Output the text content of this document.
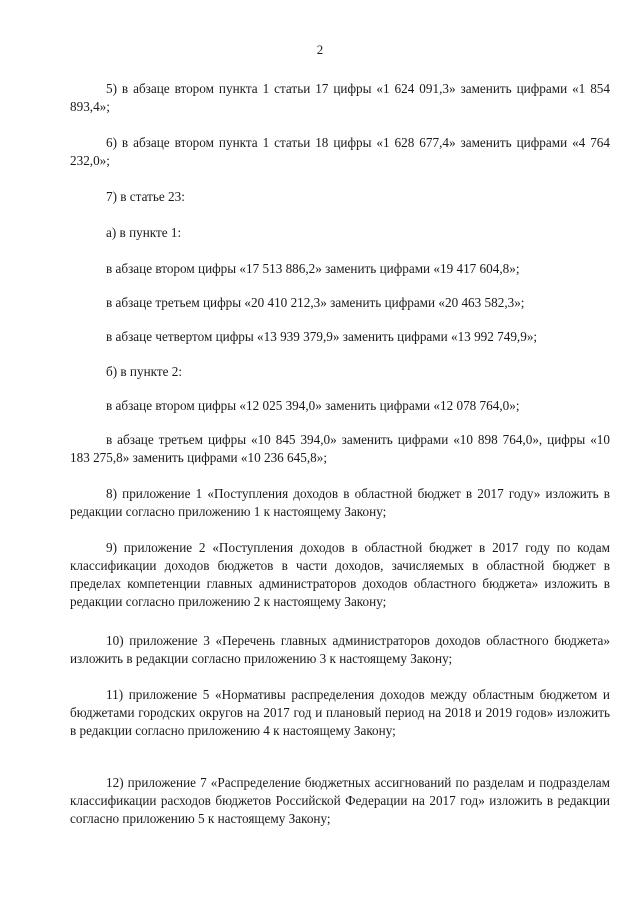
2

5) в абзаце втором пункта 1 статьи 17 цифры «1 624 091,3» заменить цифрами «1 854 893,4»;

6) в абзаце втором пункта 1 статьи 18 цифры «1 628 677,4» заменить цифрами «4 764 232,0»;

7) в статье 23:

а) в пункте 1:

в абзаце втором цифры «17 513 886,2» заменить цифрами «19 417 604,8»;

в абзаце третьем цифры «20 410 212,3» заменить цифрами «20 463 582,3»;

в абзаце четвертом цифры «13 939 379,9» заменить цифрами «13 992 749,9»;

б) в пункте 2:

в абзаце втором цифры «12 025 394,0» заменить цифрами «12 078 764,0»;

в абзаце третьем цифры «10 845 394,0» заменить цифрами «10 898 764,0», цифры «10 183 275,8» заменить цифрами «10 236 645,8»;

8) приложение 1 «Поступления доходов в областной бюджет в 2017 году» изложить в редакции согласно приложению 1 к настоящему Закону;

9) приложение 2 «Поступления доходов в областной бюджет в 2017 году по кодам классификации доходов бюджетов в части доходов, зачисляемых в областной бюджет в пределах компетенции главных администраторов доходов областного бюджета» изложить в редакции согласно приложению 2 к настоящему Закону;

10) приложение 3 «Перечень главных администраторов доходов областного бюджета» изложить в редакции согласно приложению 3 к настоящему Закону;

11) приложение 5 «Нормативы распределения доходов между областным бюджетом и бюджетами городских округов на 2017 год и плановый период на 2018 и 2019 годов» изложить в редакции согласно приложению 4 к настоящему Закону;

12) приложение 7 «Распределение бюджетных ассигнований по разделам и подразделам классификации расходов бюджетов Российской Федерации на 2017 год» изложить в редакции согласно приложению 5 к настоящему Закону;
